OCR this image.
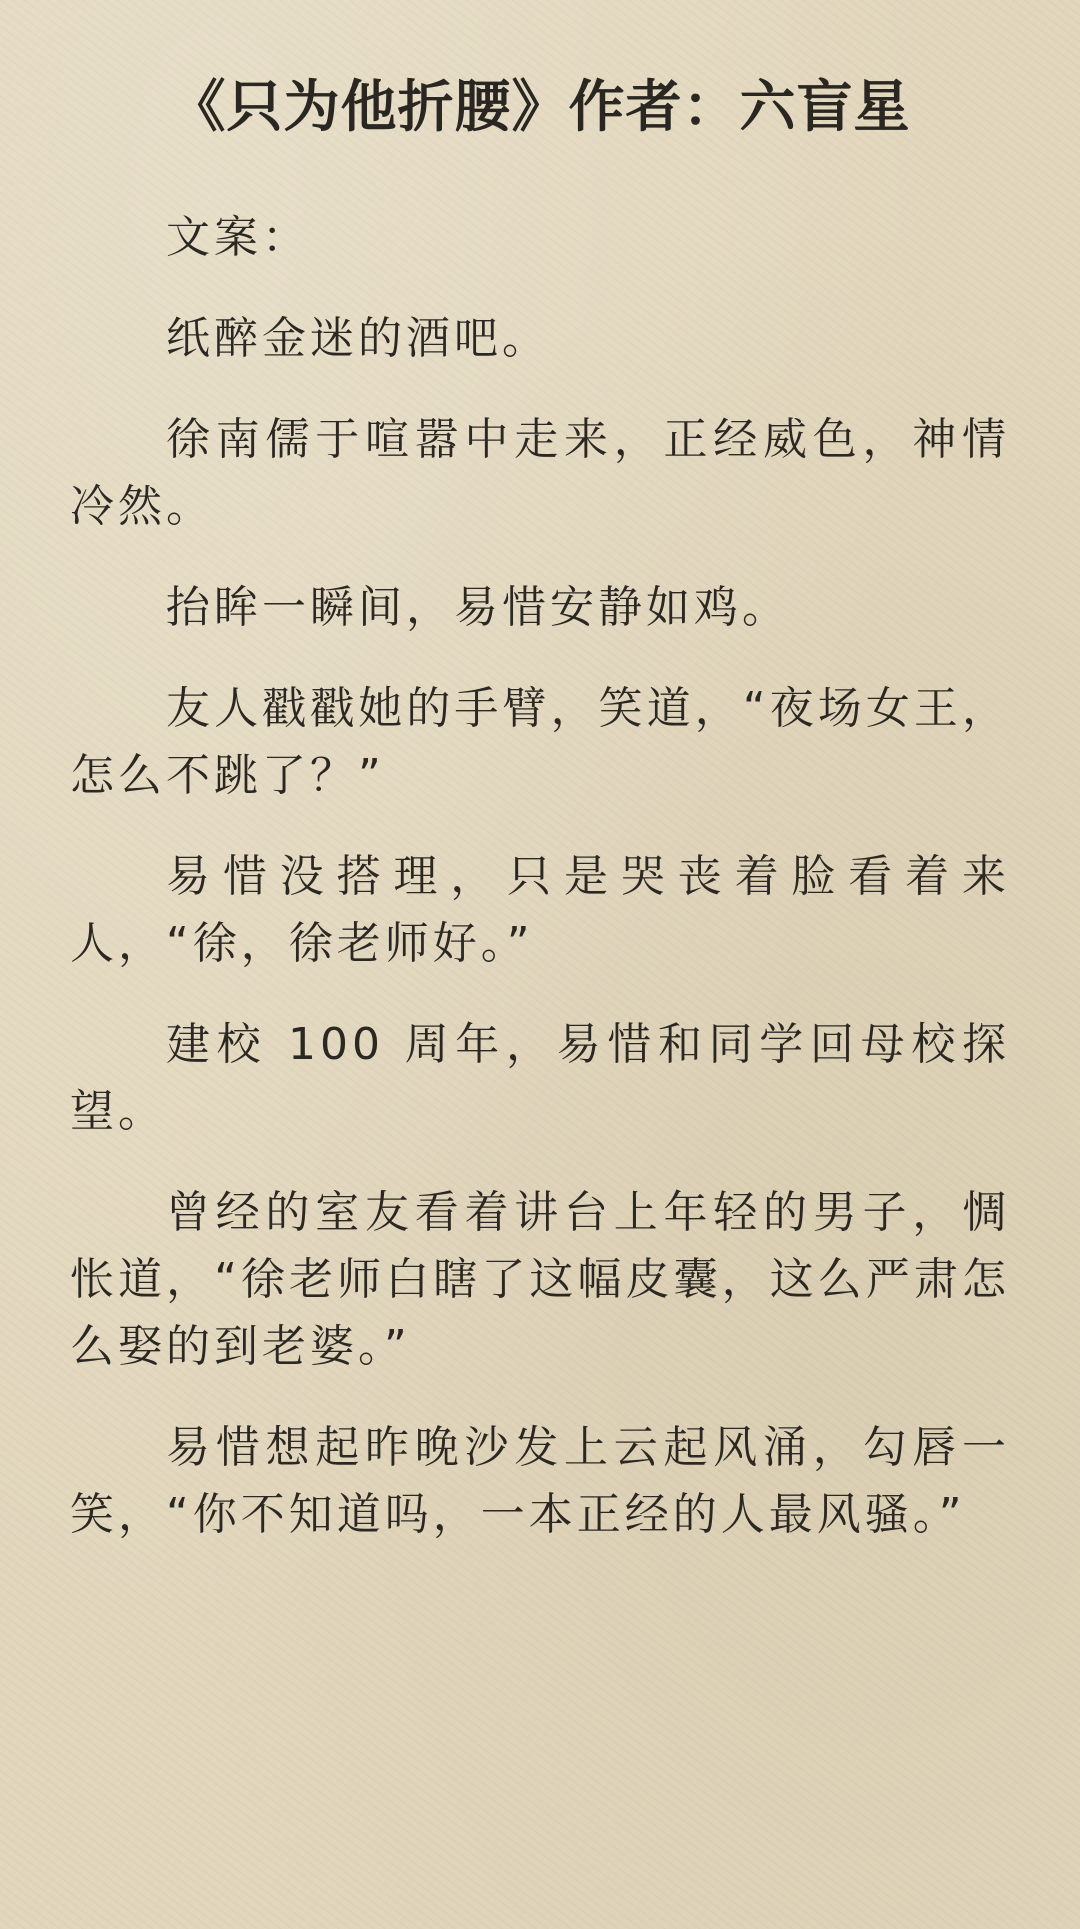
《只为他折腰》作者：六盲星

文案：

纸醉金迷的酒吧。

徐南儒于喧嚣中走来，正经威色，神情冷然。

抬眸一瞬间，易惜安静如鸡。

友人戳戳她的手臂，笑道，“夜场女王，怎么不跳了？”

易惜没搭理，只是哭丧着脸看着来人，“徐，徐老师好。”

建校 100 周年，易惜和同学回母校探望。

曾经的室友看着讲台上年轻的男子，惆怅道，“徐老师白瞎了这幅皮囊，这么严肃怎么娶的到老婆。”

易惜想起昨晚沙发上云起风涌，勾唇一笑，“你不知道吗，一本正经的人最风骚。”
